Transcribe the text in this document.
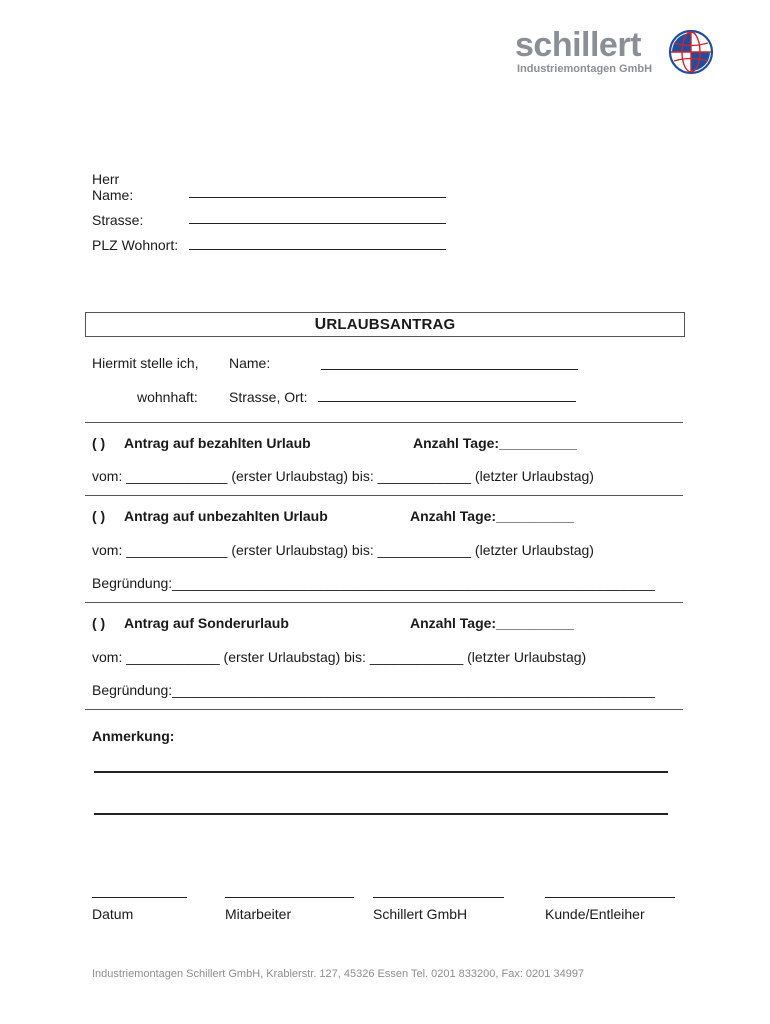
schillert
Industriemontagen GmbH
Herr
Name:
Strasse:
PLZ Wohnort:
URLAUBSANTRAG
Hiermit stelle ich, Name:
wohnhaft: Strasse, Ort:
( ) Antrag auf bezahlten Urlaub	Anzahl Tage:__________
vom: _____________ (erster Urlaubstag) bis: ____________ (letzter Urlaubstag)
( ) Antrag auf unbezahlten Urlaub	Anzahl Tage:__________
vom: _____________ (erster Urlaubstag) bis: ____________ (letzter Urlaubstag)
Begründung:______________________________________________________________
( ) Antrag auf Sonderurlaub	Anzahl Tage:__________
vom: ____________ (erster Urlaubstag) bis: ____________ (letzter Urlaubstag)
Begründung:______________________________________________________________
Anmerkung:
Datum	Mitarbeiter	Schillert GmbH	Kunde/Entleiher
Industriemontagen Schillert GmbH, Krablerstr. 127, 45326 Essen Tel. 0201 833200, Fax: 0201 34997
